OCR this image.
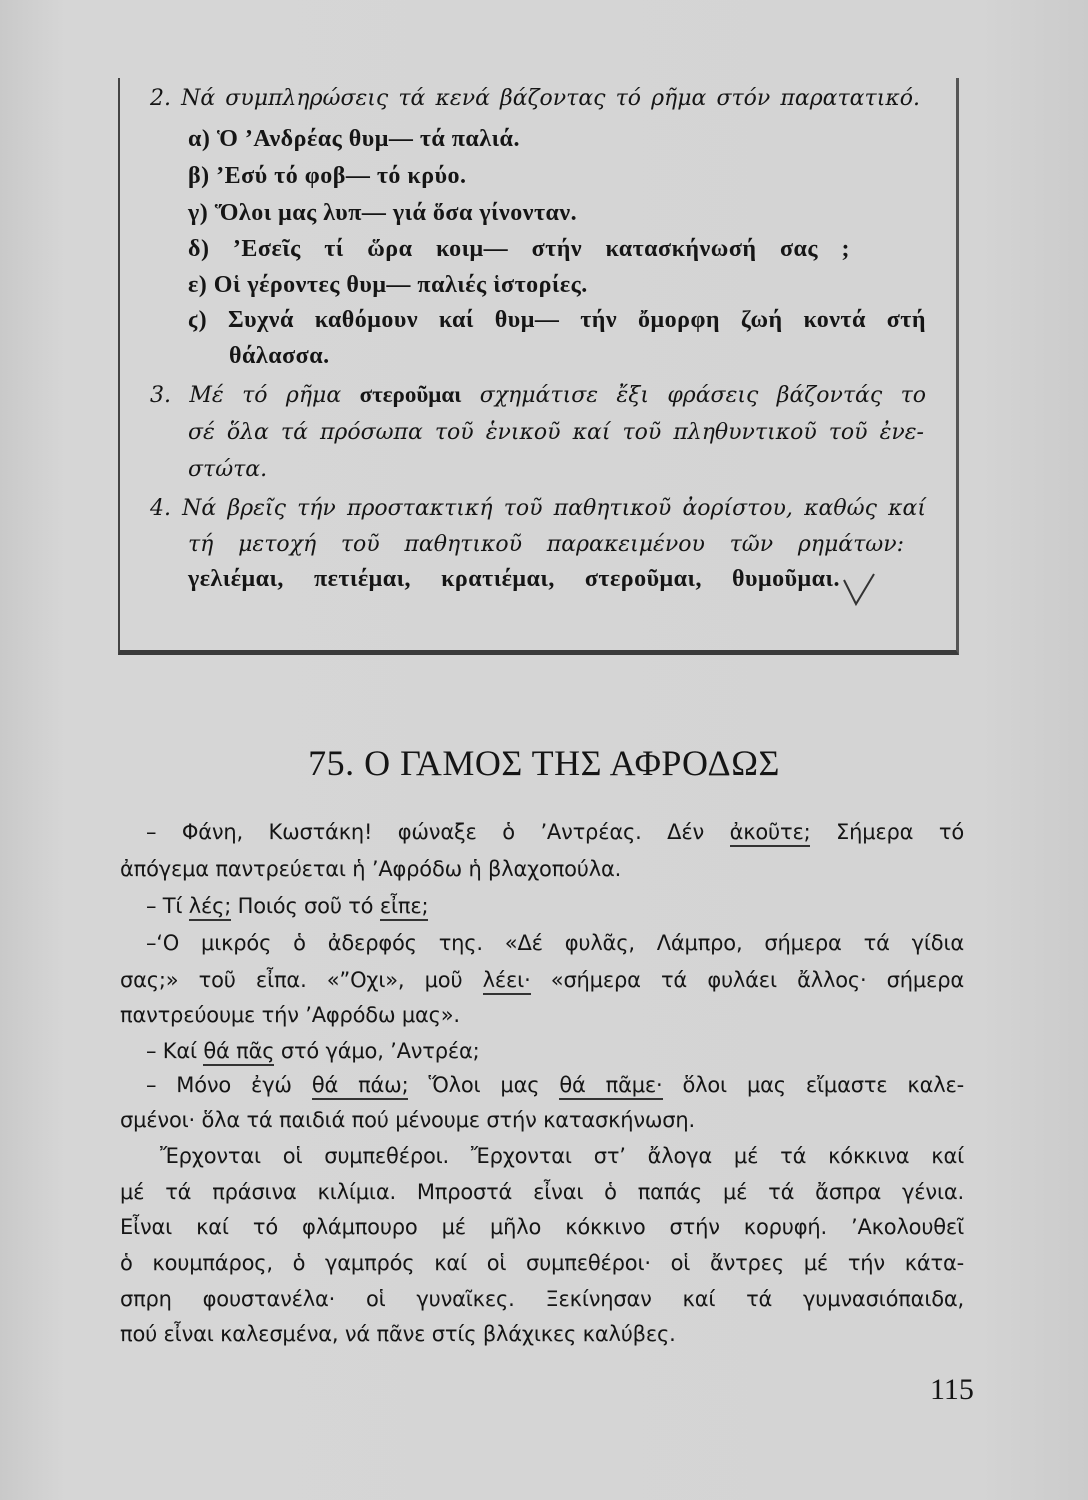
2. Νά συμπληρώσεις τά κενά βάζοντας τό ρῆμα στόν παρατατικό.
α) Ὁ ’Ανδρέας θυμ— τά παλιά.
β) ’Εσύ τό φοβ— τό κρύο.
γ) Ὅλοι μας λυπ— γιά ὅσα γίνονταν.
δ) ’Εσεῖς τί ὥρα κοιμ— στήν κατασκήνωσή σας ;
ε) Οἱ γέροντες θυμ— παλιές ἱστορίες.
ϛ) Συχνά καθόμουν καί θυμ— τήν ὄμορφη ζωή κοντά στή
θάλασσα.
3. Μέ τό ρῆμα στεροῦμαι σχημάτισε ἔξι φράσεις βάζοντάς το
σέ ὅλα τά πρόσωπα τοῦ ἑνικοῦ καί τοῦ πληθυντικοῦ τοῦ ἐνε-
στώτα.
4. Νά βρεῖς τήν προστακτική τοῦ παθητικοῦ ἀορίστου, καθώς καί
τή μετοχή τοῦ παθητικοῦ παρακειμένου τῶν ρημάτων:
γελιέμαι, πετιέμαι, κρατιέμαι, στεροῦμαι, θυμοῦμαι.
75. Ο ΓΑΜΟΣ ΤΗΣ ΑΦΡΟΔΩΣ
– Φάνη, Κωστάκη! φώναξε ὁ ’Αντρέας. Δέν ἀκοῦτε; Σήμερα τό
ἀπόγεμα παντρεύεται ἡ ’Αφρόδω ἡ βλαχοπούλα.
– Τί λές; Ποιός σοῦ τό εἶπε;
–‘Ο μικρός ὁ ἀδερφός της. «Δέ φυλᾶς, Λάμπρο, σήμερα τά γίδια
σας;» τοῦ εἶπα. «”Οχι», μοῦ λέει· «σήμερα τά φυλάει ἄλλος· σήμερα
παντρεύουμε τήν ’Αφρόδω μας».
– Καί θά πᾶς στό γάμο, ’Αντρέα;
– Μόνο ἐγώ θά πάω; Ὅλοι μας θά πᾶμε· ὅλοι μας εἴμαστε καλε-
σμένοι· ὅλα τά παιδιά πού μένουμε στήν κατασκήνωση.
Ἔρχονται οἱ συμπεθέροι. Ἔρχονται στ’ ἄλογα μέ τά κόκκινα καί
μέ τά πράσινα κιλίμια. Μπροστά εἶναι ὁ παπάς μέ τά ἄσπρα γένια.
Εἶναι καί τό φλάμπουρο μέ μῆλο κόκκινο στήν κορυφή. ’Ακολουθεῖ
ὁ κουμπάρος, ὁ γαμπρός καί οἱ συμπεθέροι· οἱ ἄντρες μέ τήν κάτα-
σπρη φουστανέλα· οἱ γυναῖκες. Ξεκίνησαν καί τά γυμνασιόπαιδα,
πού εἶναι καλεσμένα, νά πᾶνε στίς βλάχικες καλύβες.
115
